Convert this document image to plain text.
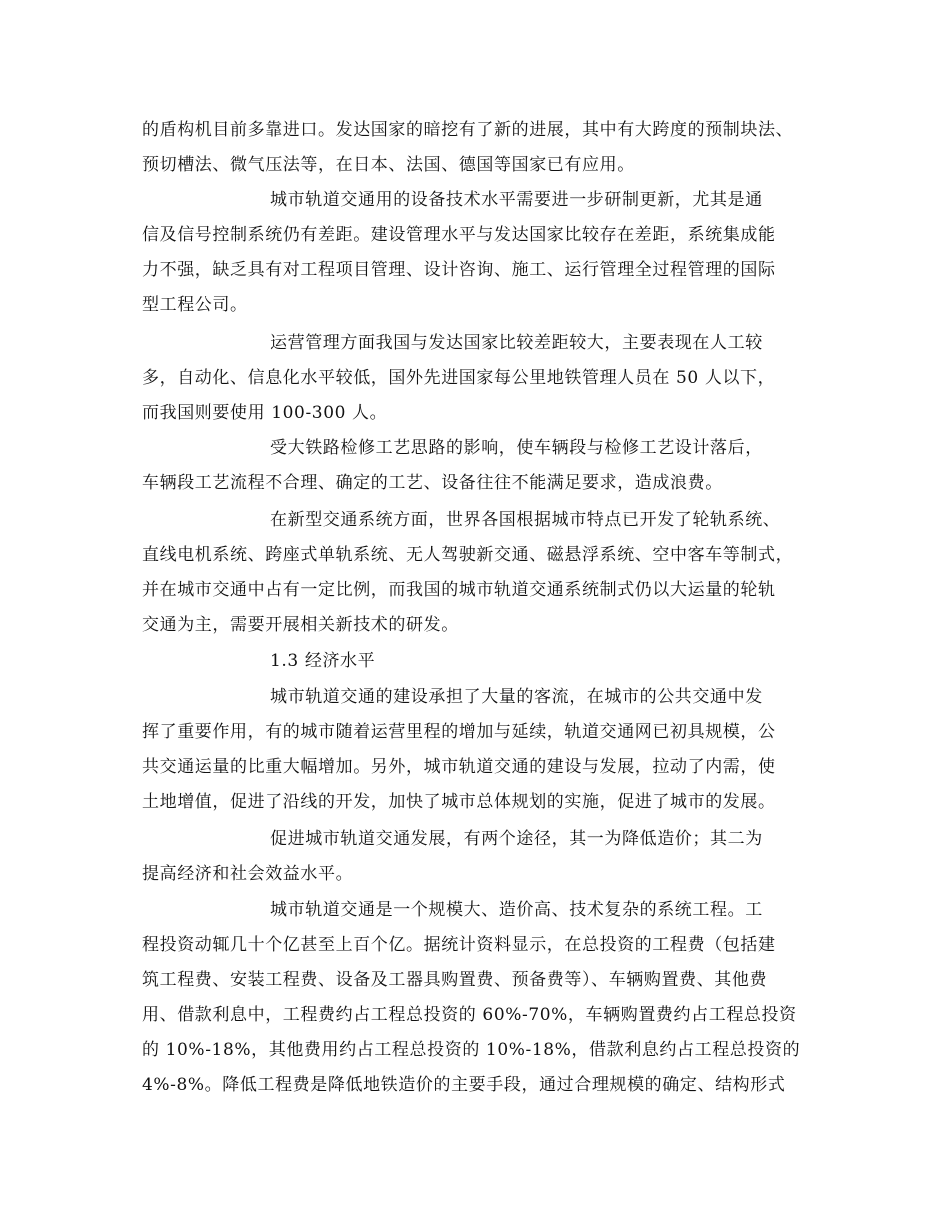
的盾构机目前多靠进口。发达国家的暗挖有了新的进展，其中有大跨度的预制块法、
预切槽法、微气压法等，在日本、法国、德国等国家已有应用。
城市轨道交通用的设备技术水平需要进一步研制更新，尤其是通
信及信号控制系统仍有差距。建设管理水平与发达国家比较存在差距，系统集成能
力不强，缺乏具有对工程项目管理、设计咨询、施工、运行管理全过程管理的国际
型工程公司。
运营管理方面我国与发达国家比较差距较大，主要表现在人工较
多，自动化、信息化水平较低，国外先进国家每公里地铁管理人员在 50 人以下，
而我国则要使用 100-300 人。
受大铁路检修工艺思路的影响，使车辆段与检修工艺设计落后，
车辆段工艺流程不合理、确定的工艺、设备往往不能满足要求，造成浪费。
在新型交通系统方面，世界各国根据城市特点已开发了轮轨系统、
直线电机系统、跨座式单轨系统、无人驾驶新交通、磁悬浮系统、空中客车等制式，
并在城市交通中占有一定比例，而我国的城市轨道交通系统制式仍以大运量的轮轨
交通为主，需要开展相关新技术的研发。
1.3 经济水平
城市轨道交通的建设承担了大量的客流，在城市的公共交通中发
挥了重要作用，有的城市随着运营里程的增加与延续，轨道交通网已初具规模，公
共交通运量的比重大幅增加。另外，城市轨道交通的建设与发展，拉动了内需，使
土地增值，促进了沿线的开发，加快了城市总体规划的实施，促进了城市的发展。
促进城市轨道交通发展，有两个途径，其一为降低造价；其二为
提高经济和社会效益水平。
城市轨道交通是一个规模大、造价高、技术复杂的系统工程。工
程投资动辄几十个亿甚至上百个亿。据统计资料显示，在总投资的工程费（包括建
筑工程费、安装工程费、设备及工器具购置费、预备费等）、车辆购置费、其他费
用、借款利息中，工程费约占工程总投资的 60%-70%，车辆购置费约占工程总投资
的 10%-18%，其他费用约占工程总投资的 10%-18%，借款利息约占工程总投资的
4%-8%。降低工程费是降低地铁造价的主要手段，通过合理规模的确定、结构形式
